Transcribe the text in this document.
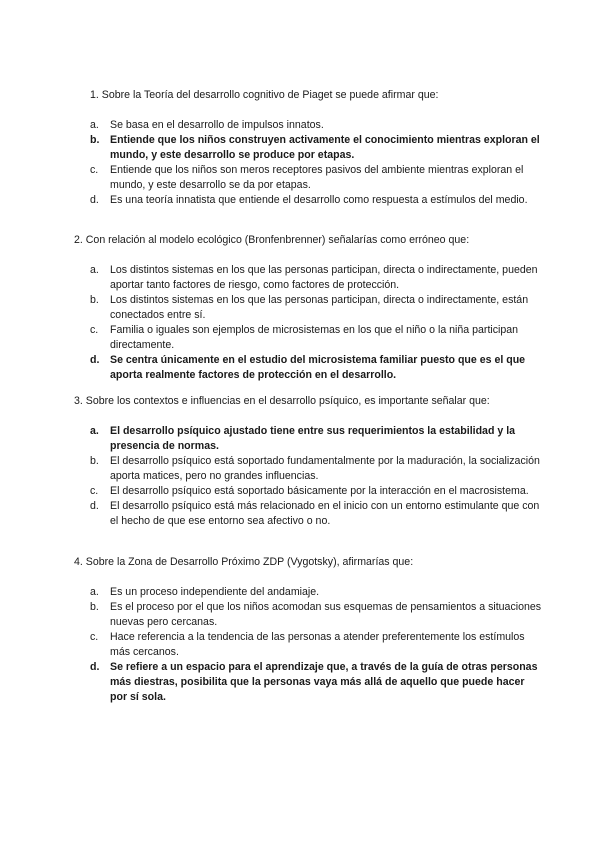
1. Sobre la Teoría del desarrollo cognitivo de Piaget se puede afirmar que:

a. Se basa en el desarrollo de impulsos innatos.
b. Entiende que los niños construyen activamente el conocimiento mientras exploran el mundo, y este desarrollo se produce por etapas.
c. Entiende que los niños son meros receptores pasivos del ambiente mientras exploran el mundo, y este desarrollo se da por etapas.
d. Es una teoría innatista que entiende el desarrollo como respuesta a estímulos del medio.

2. Con relación al modelo ecológico (Bronfenbrenner) señalarías como erróneo que:

a. Los distintos sistemas en los que las personas participan, directa o indirectamente, pueden aportar tanto factores de riesgo, como factores de protección.
b. Los distintos sistemas en los que las personas participan, directa o indirectamente, están conectados entre sí.
c. Familia o iguales son ejemplos de microsistemas en los que el niño o la niña participan directamente.
d. Se centra únicamente en el estudio del microsistema familiar puesto que es el que aporta realmente factores de protección en el desarrollo.

3. Sobre los contextos e influencias en el desarrollo psíquico, es importante señalar que:

a. El desarrollo psíquico ajustado tiene entre sus requerimientos la estabilidad y la presencia de normas.
b. El desarrollo psíquico está soportado fundamentalmente por la maduración, la socialización aporta matices, pero no grandes influencias.
c. El desarrollo psíquico está soportado básicamente por la interacción en el macrosistema.
d. El desarrollo psíquico está más relacionado en el inicio con un entorno estimulante que con el hecho de que ese entorno sea afectivo o no.

4. Sobre la Zona de Desarrollo Próximo ZDP (Vygotsky), afirmarías que:

a. Es un proceso independiente del andamiaje.
b. Es el proceso por el que los niños acomodan sus esquemas de pensamientos a situaciones nuevas pero cercanas.
c. Hace referencia a la tendencia de las personas a atender preferentemente los estímulos más cercanos.
d. Se refiere a un espacio para el aprendizaje que, a través de la guía de otras personas más diestras, posibilita que la personas vaya más allá de aquello que puede hacer por sí sola.
